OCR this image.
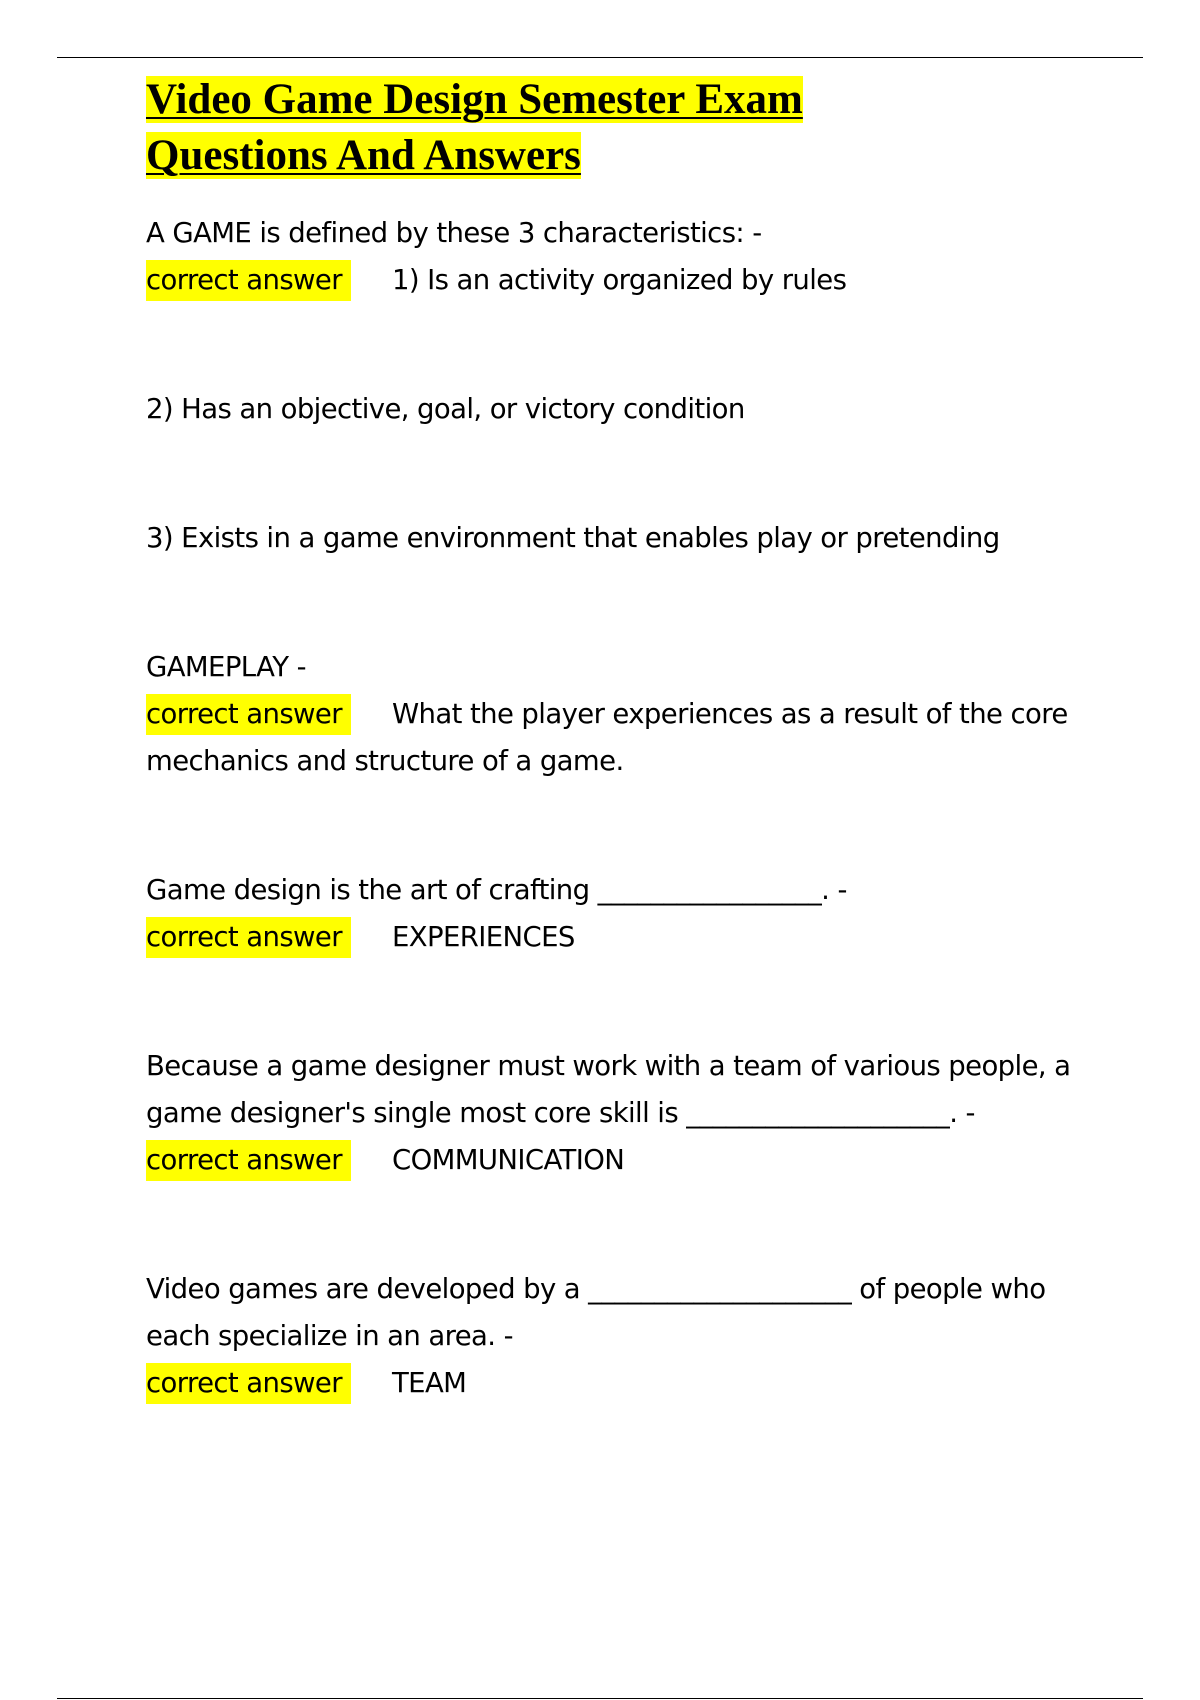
Video Game Design Semester Exam Questions And Answers
A GAME is defined by these 3 characteristics: -
correct answer 1) Is an activity organized by rules
2) Has an objective, goal, or victory condition
3) Exists in a game environment that enables play or pretending
GAMEPLAY -
correct answer What the player experiences as a result of the core mechanics and structure of a game.
Game design is the art of crafting _________________. -
correct answer EXPERIENCES
Because a game designer must work with a team of various people, a game designer's single most core skill is ____________________. -
correct answer COMMUNICATION
Video games are developed by a ____________________ of people who each specialize in an area. -
correct answer TEAM
